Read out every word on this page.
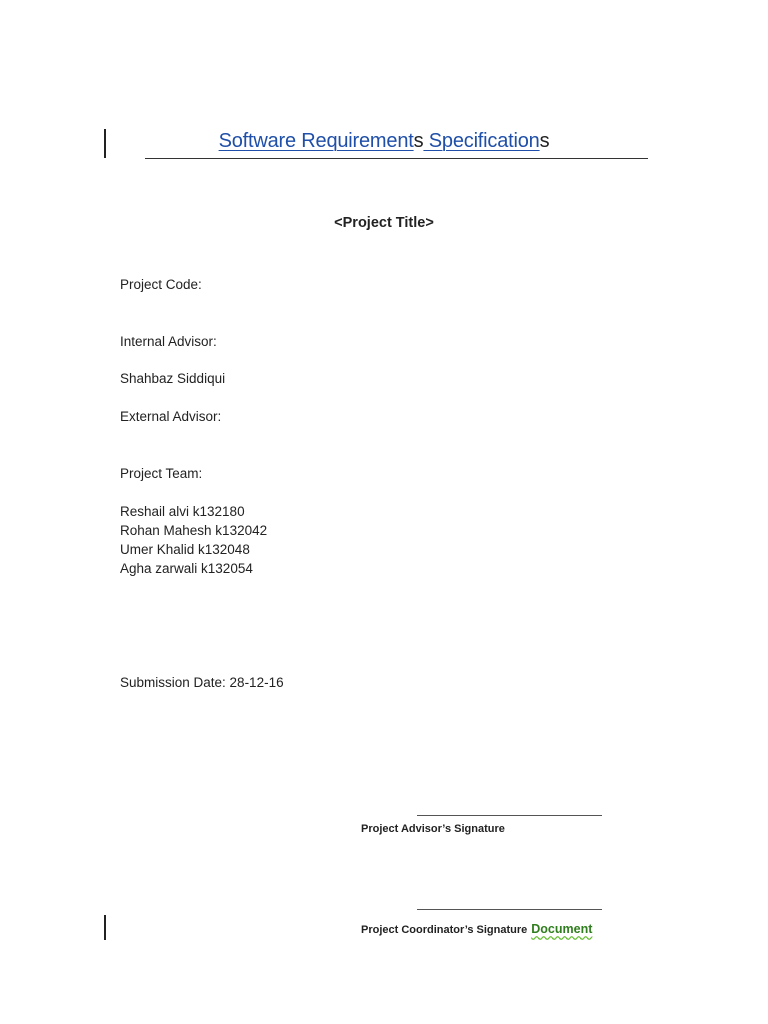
Software Requirements Specifications
<Project Title>
Project Code:
Internal Advisor:
Shahbaz Siddiqui
External Advisor:
Project Team:
Reshail alvi k132180
Rohan Mahesh k132042
Umer Khalid k132048
Agha zarwali k132054
Submission Date: 28-12-16
Project Advisor’s Signature
Project Coordinator’s Signature Document
